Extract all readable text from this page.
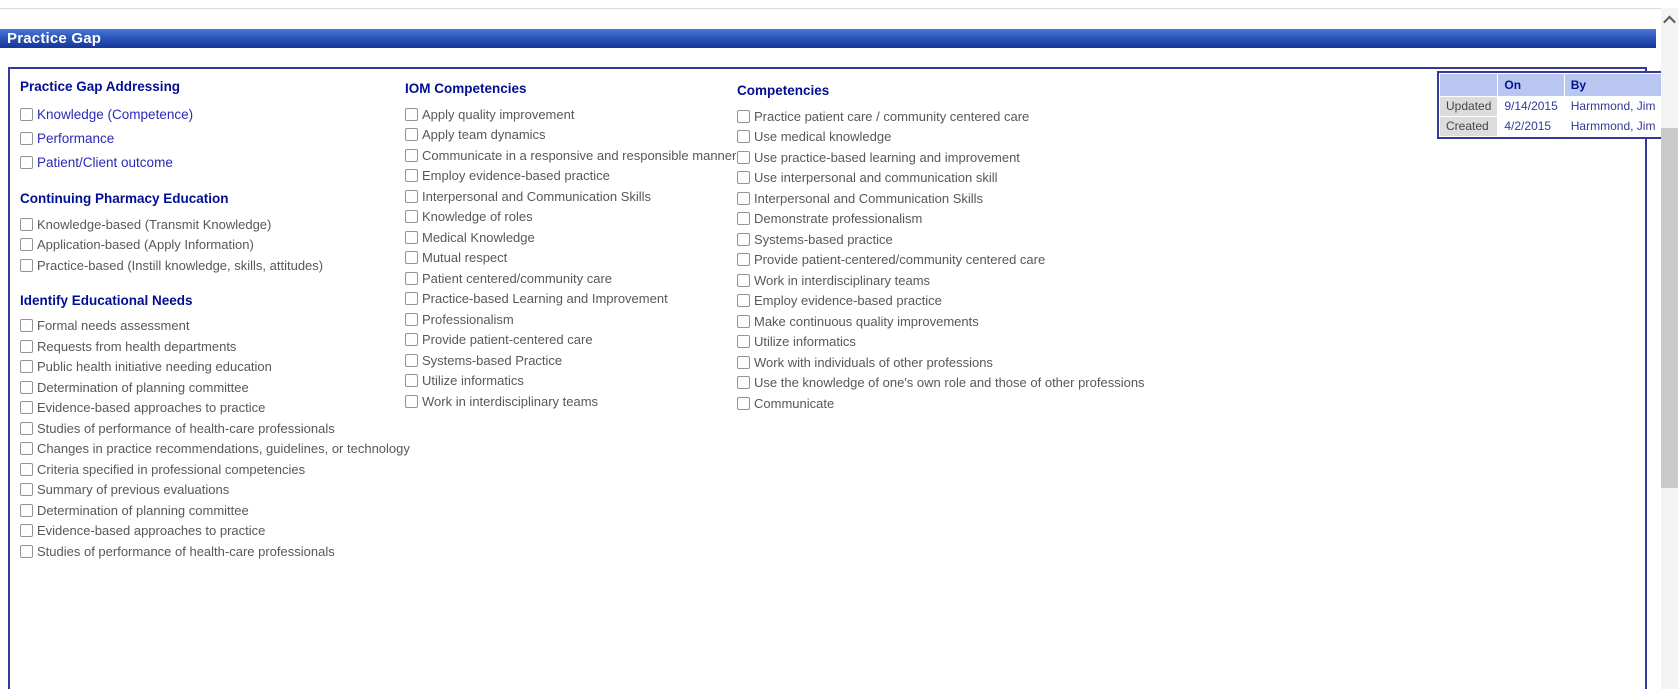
Practice Gap
Practice Gap Addressing
Knowledge (Competence)
Performance
Patient/Client outcome
Continuing Pharmacy Education
Knowledge-based (Transmit Knowledge)
Application-based (Apply Information)
Practice-based (Instill knowledge, skills, attitudes)
Identify Educational Needs
Formal needs assessment
Requests from health departments
Public health initiative needing education
Determination of planning committee
Evidence-based approaches to practice
Studies of performance of health-care professionals
Changes in practice recommendations, guidelines, or technology
Criteria specified in professional competencies
Summary of previous evaluations
Determination of planning committee
Evidence-based approaches to practice
Studies of performance of health-care professionals
IOM Competencies
Apply quality improvement
Apply team dynamics
Communicate in a responsive and responsible manner
Employ evidence-based practice
Interpersonal and Communication Skills
Knowledge of roles
Medical Knowledge
Mutual respect
Patient centered/community care
Practice-based Learning and Improvement
Professionalism
Provide patient-centered care
Systems-based Practice
Utilize informatics
Work in interdisciplinary teams
Competencies
Practice patient care / community centered care
Use medical knowledge
Use practice-based learning and improvement
Use interpersonal and communication skill
Interpersonal and Communication Skills
Demonstrate professionalism
Systems-based practice
Provide patient-centered/community centered care
Work in interdisciplinary teams
Employ evidence-based practice
Make continuous quality improvements
Utilize informatics
Work with individuals of other professions
Use the knowledge of one's own role and those of other professions
Communicate
	On	By
Updated	9/14/2015	Harmmond, Jim
Created	4/2/2015	Harmmond, Jim
